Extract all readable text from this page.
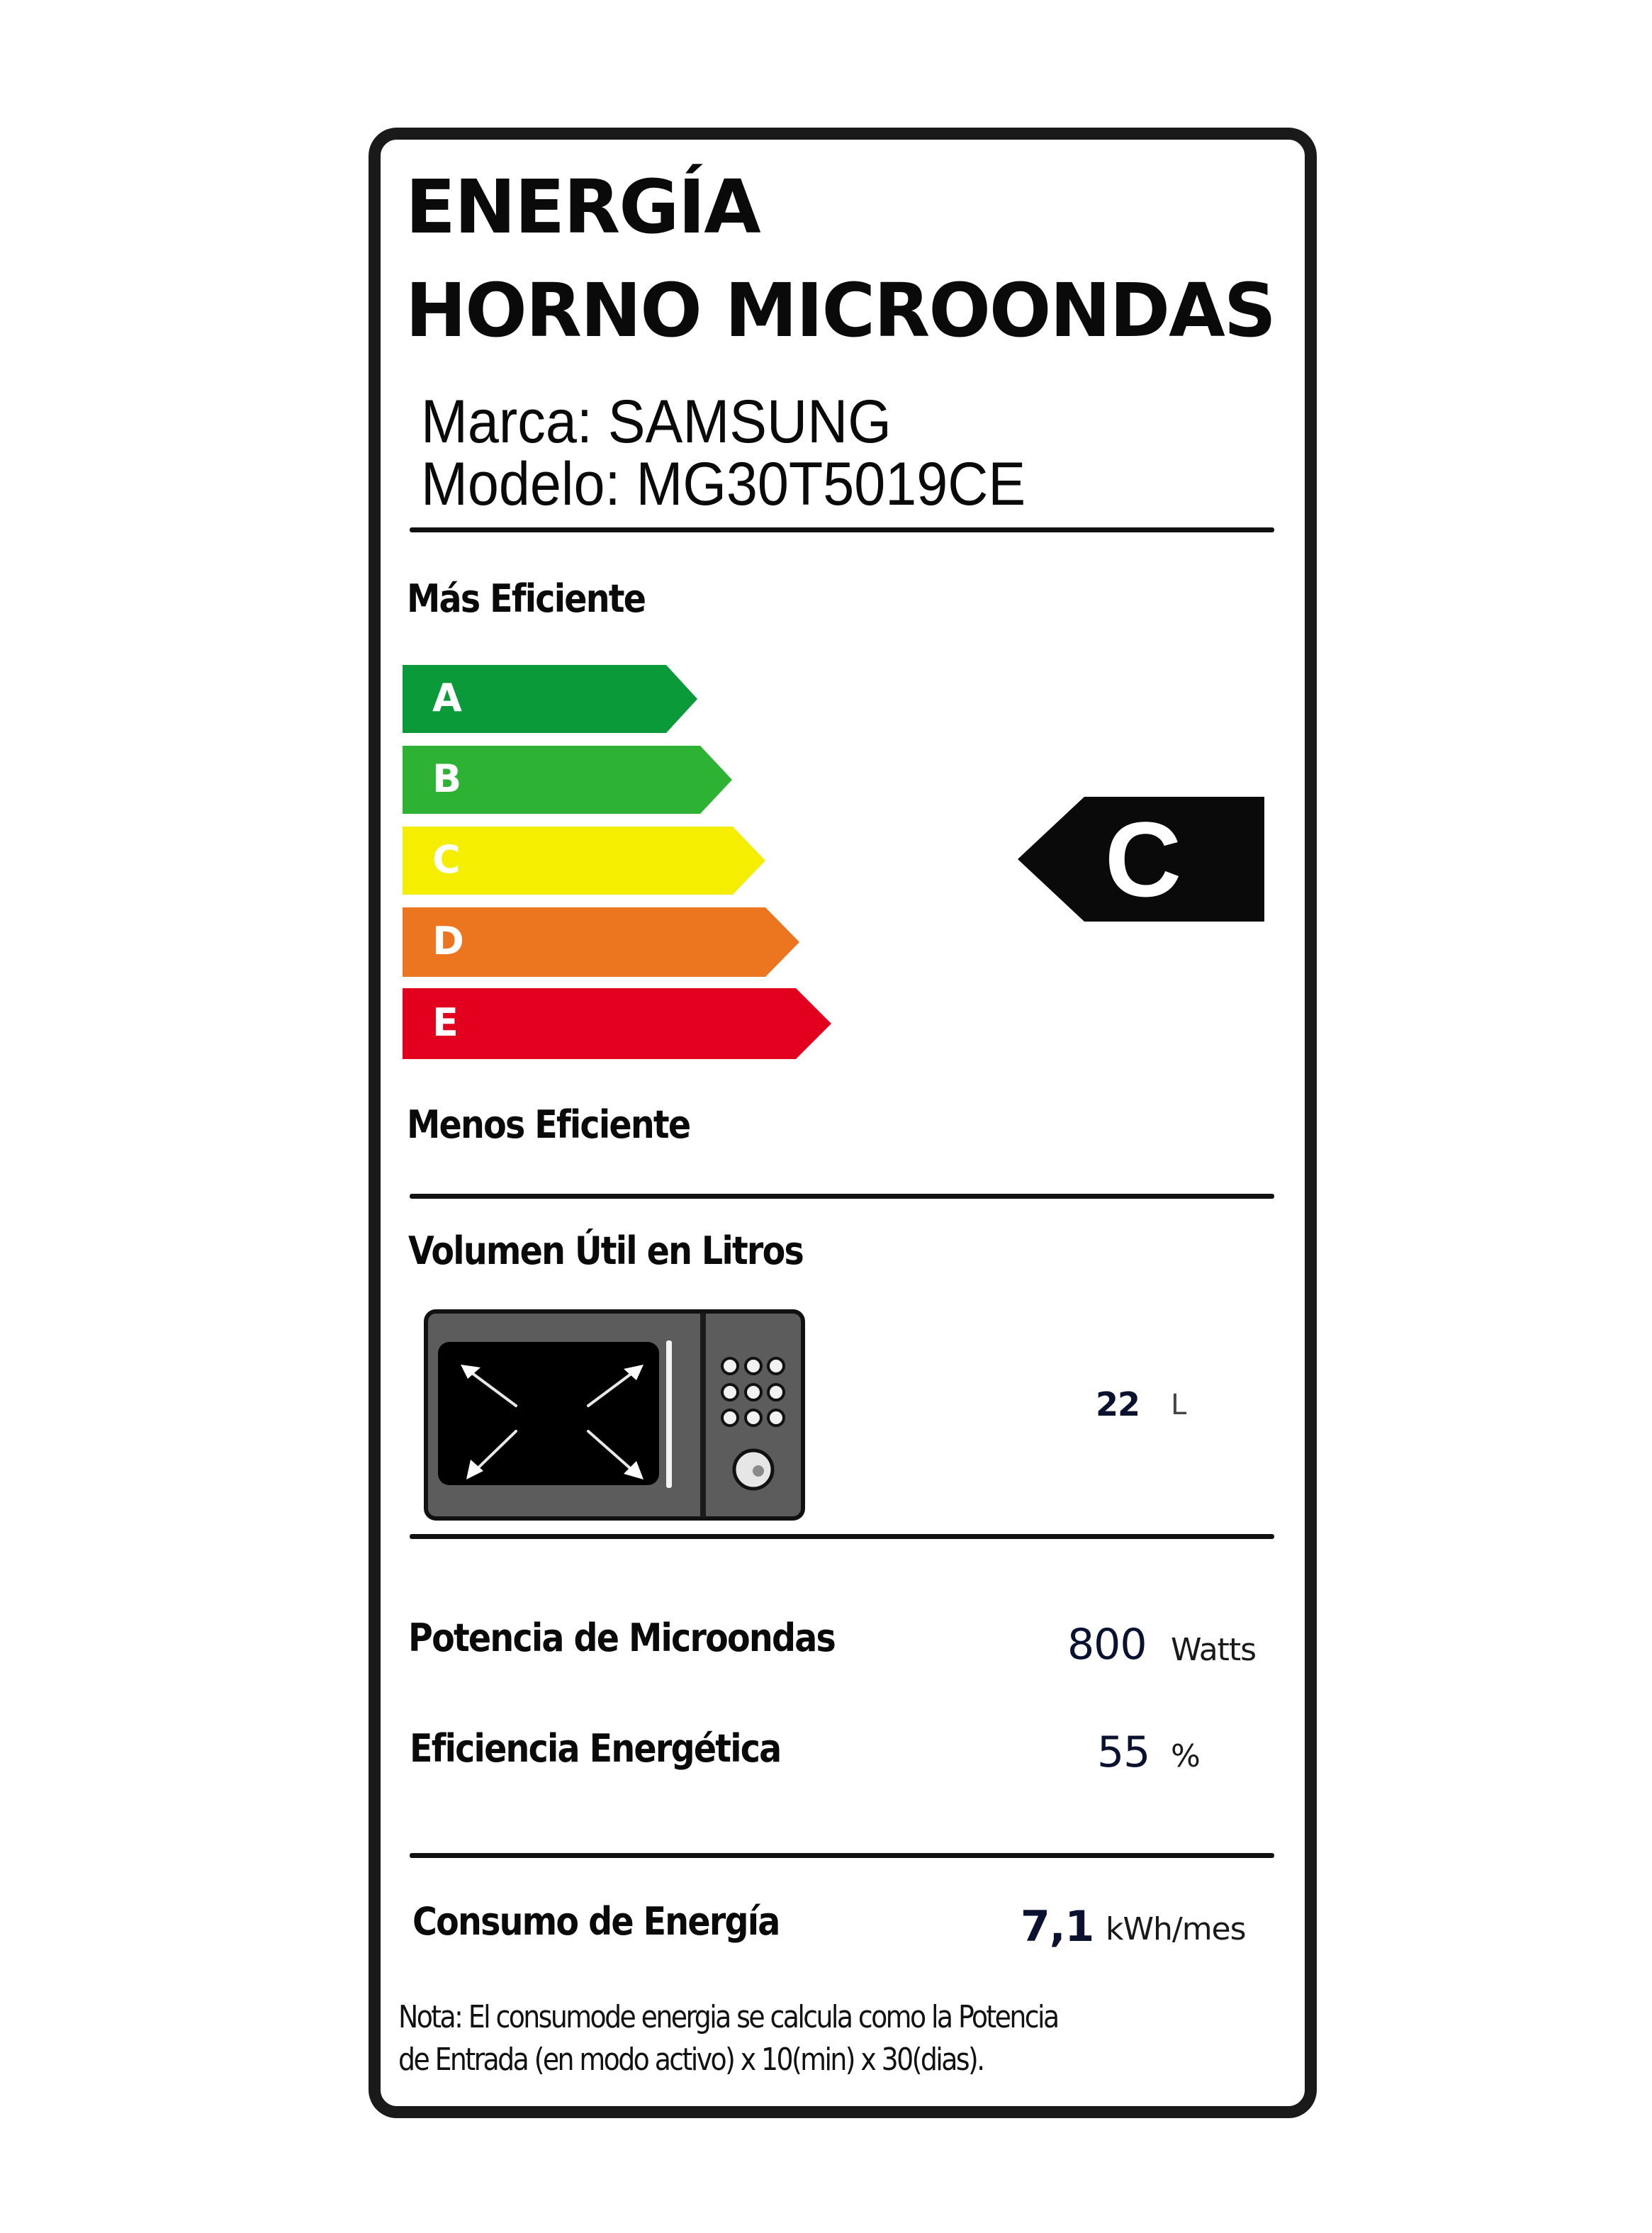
ENERGÍA
HORNO MICROONDAS
Marca: SAMSUNG
Modelo: MG30T5019CE
Más Eficiente
A
B
C
D
E
C
Menos Eficiente
Volumen Útil en Litros
22 L
Potencia de Microondas	800 Watts
Eficiencia Energética	55 %
Consumo de Energía	7,1 kWh/mes
Nota: El consumode energia se calcula como la Potencia
de Entrada (en modo activo) x 10(min) x 30(dias).
